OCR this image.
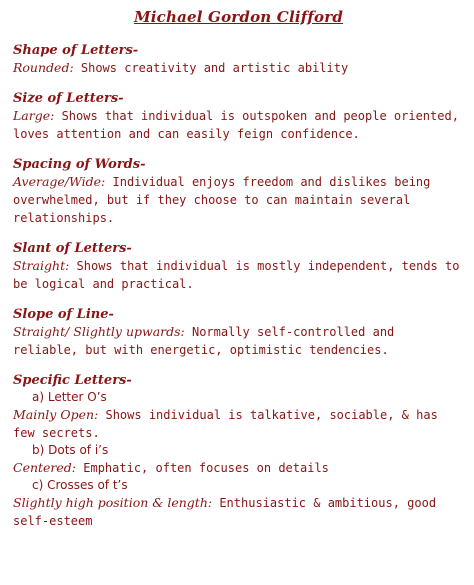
Michael Gordon Clifford
Shape of Letters-

Rounded: Shows creativity and artistic ability

Size of Letters-

Large: Shows that individual is outspoken and people oriented, loves attention and can easily feign confidence.

Spacing of Words-

Average/Wide: Individual enjoys freedom and dislikes being overwhelmed, but if they choose to can maintain several relationships.

Slant of Letters-

Straight: Shows that individual is mostly independent, tends to be logical and practical.

Slope of Line-

Straight/ Slightly upwards: Normally self-controlled and reliable, but with energetic, optimistic tendencies.

Specific Letters-
a) Letter O’s

Mainly Open: Shows individual is talkative, sociable, & has few secrets.

b) Dots of i’s

Centered: Emphatic, often focuses on details

c) Crosses of t’s

Slightly high position & length: Enthusiastic & ambitious, good self-esteem
